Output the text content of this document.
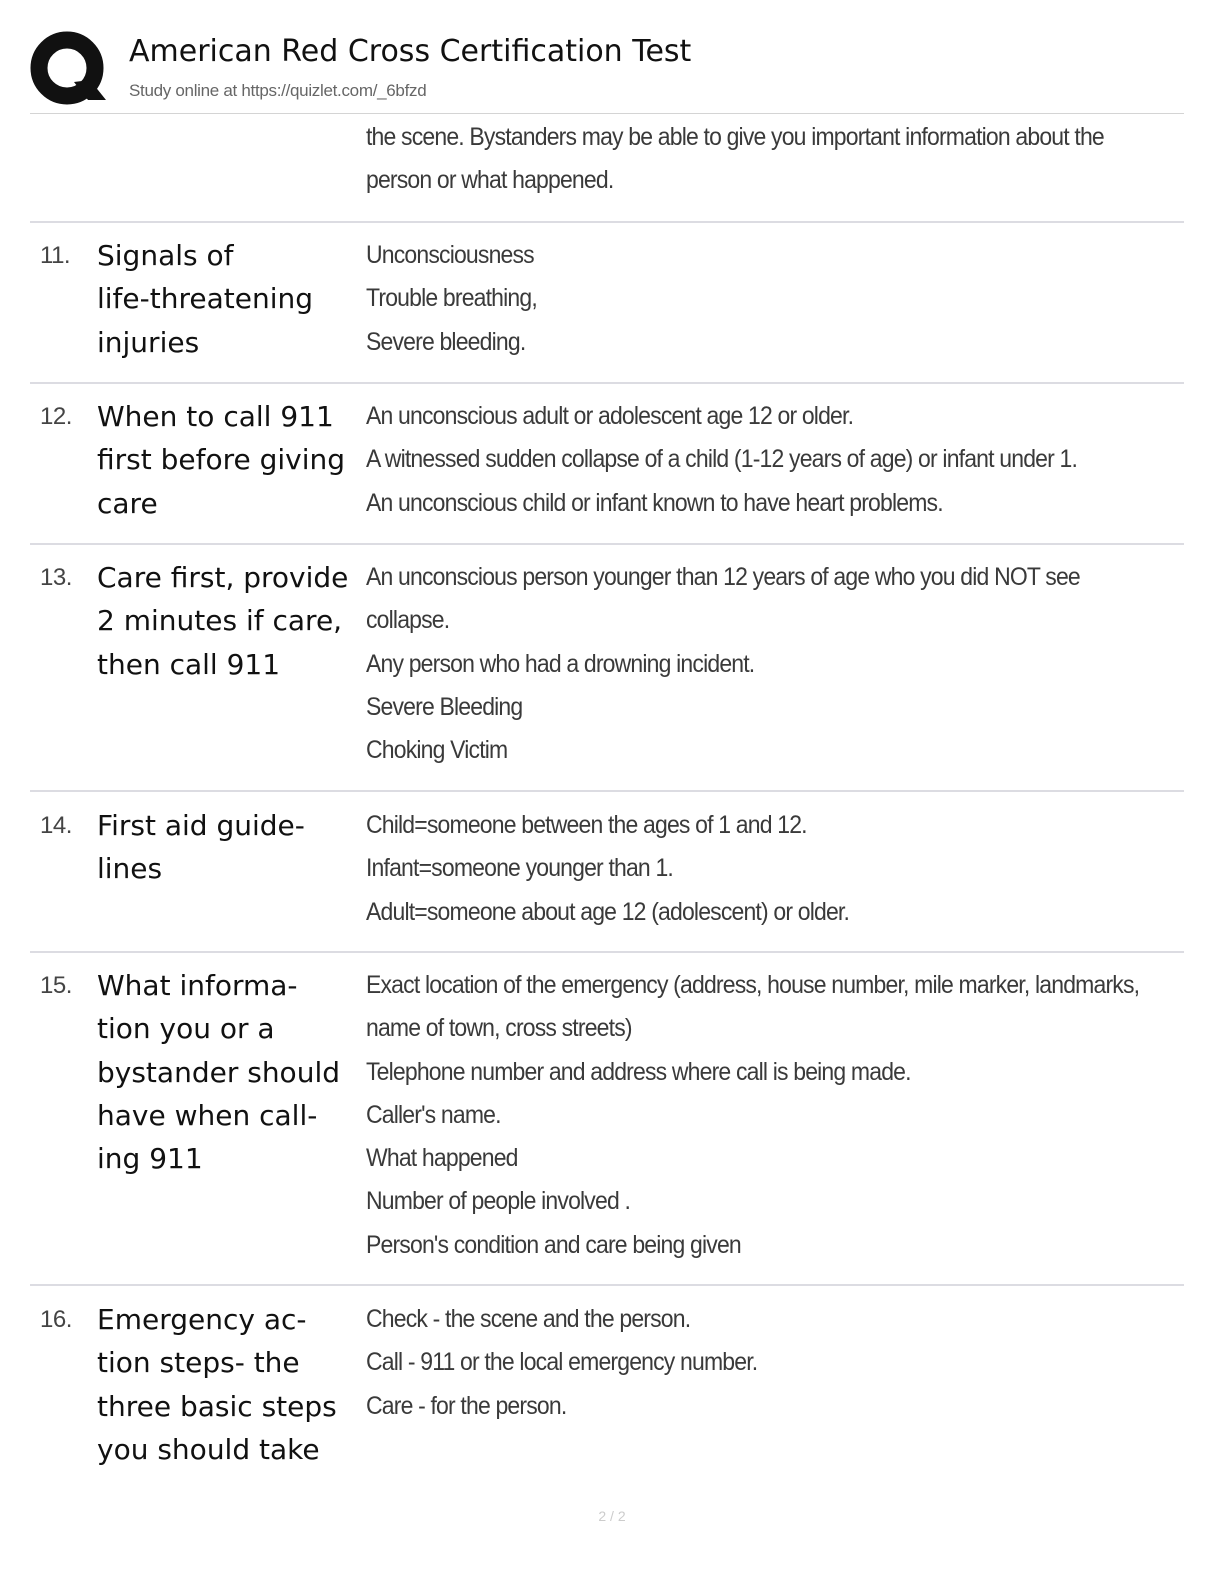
American Red Cross Certification Test
Study online at https://quizlet.com/_6bfzd
the scene. Bystanders may be able to give you important information about the
person or what happened.
11. Signals of
life-threatening
injuries
Unconsciousness
Trouble breathing,
Severe bleeding.
12. When to call 911
first before giving
care
An unconscious adult or adolescent age 12 or older.
A witnessed sudden collapse of a child (1-12 years of age) or infant under 1.
An unconscious child or infant known to have heart problems.
13. Care first, provide
2 minutes if care,
then call 911
An unconscious person younger than 12 years of age who you did NOT see
collapse.
Any person who had a drowning incident.
Severe Bleeding
Choking Victim
14. First aid guide-
lines
Child=someone between the ages of 1 and 12.
Infant=someone younger than 1.
Adult=someone about age 12 (adolescent) or older.
15. What informa-
tion you or a
bystander should
have when call-
ing 911
Exact location of the emergency (address, house number, mile marker, landmarks,
name of town, cross streets)
Telephone number and address where call is being made.
Caller's name.
What happened
Number of people involved .
Person's condition and care being given
16. Emergency ac-
tion steps- the
three basic steps
you should take
Check - the scene and the person.
Call - 911 or the local emergency number.
Care - for the person.
2 / 2
